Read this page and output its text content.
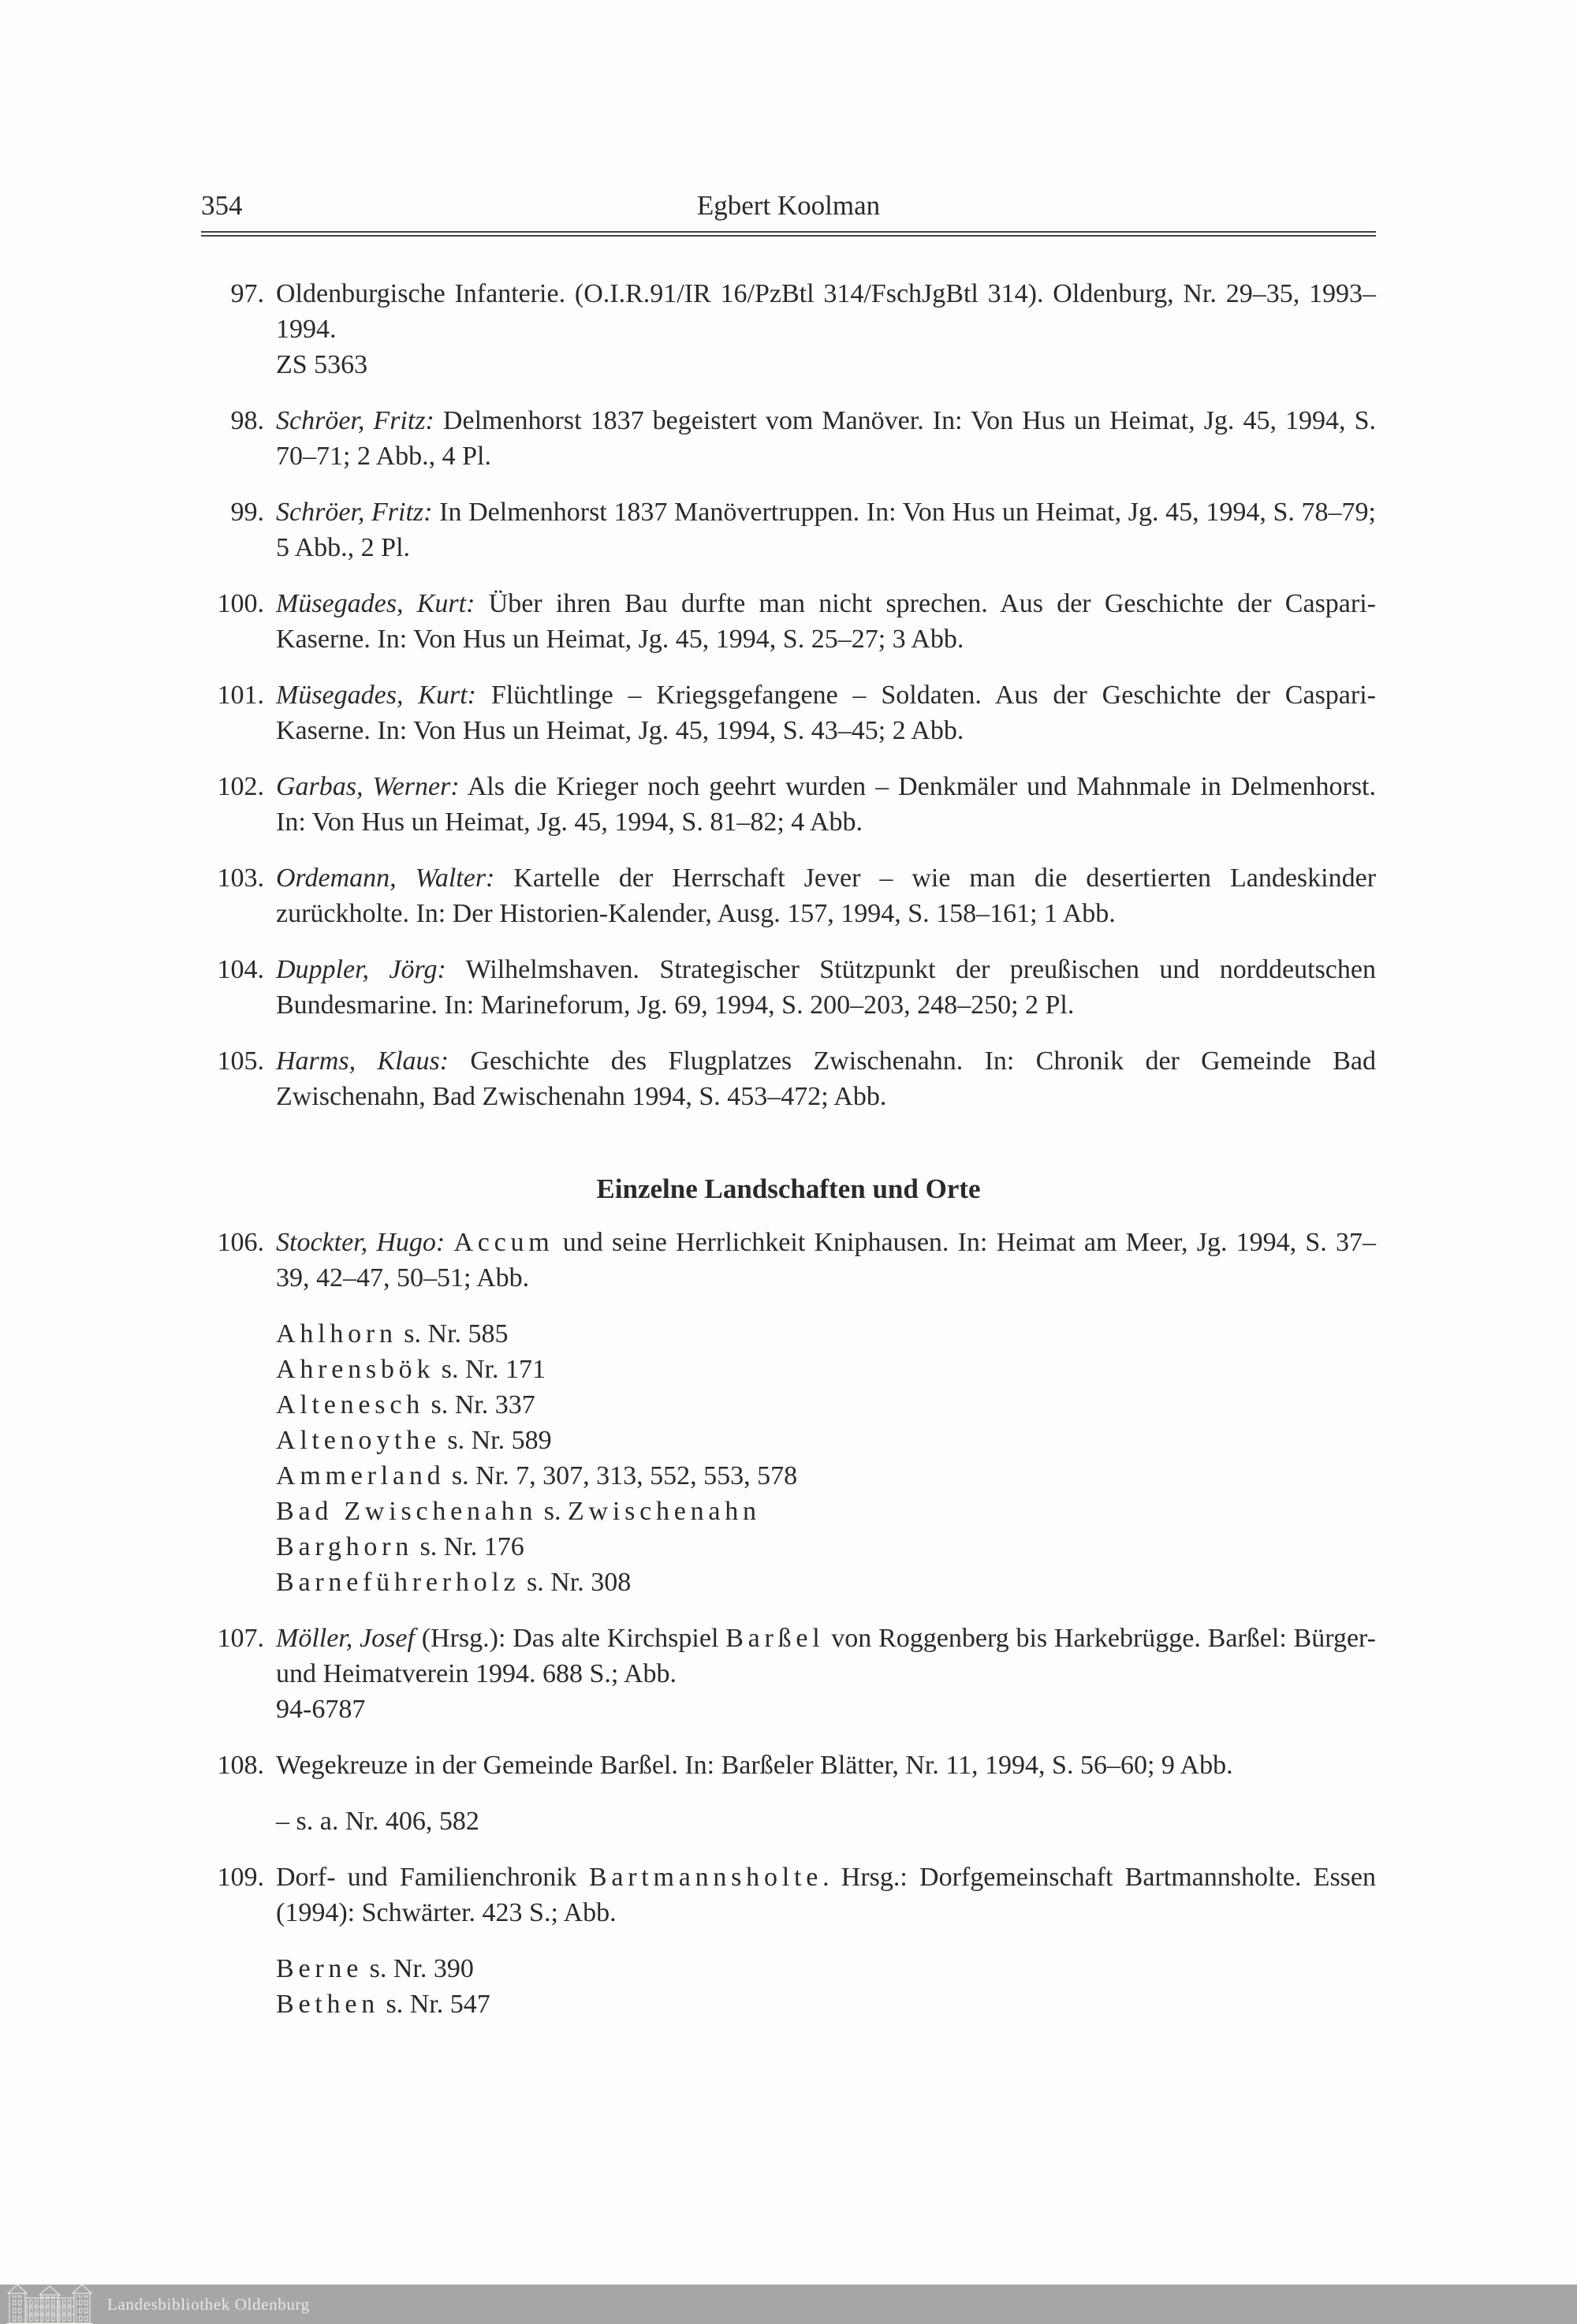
354	Egbert Koolman
97. Oldenburgische Infanterie. (O.I.R.91/IR 16/PzBtl 314/FschJgBtl 314). Oldenburg, Nr. 29–35, 1993–1994.
ZS 5363
98. Schröer, Fritz: Delmenhorst 1837 begeistert vom Manöver. In: Von Hus un Heimat, Jg. 45, 1994, S. 70–71; 2 Abb., 4 Pl.
99. Schröer, Fritz: In Delmenhorst 1837 Manövertruppen. In: Von Hus un Heimat, Jg. 45, 1994, S. 78–79; 5 Abb., 2 Pl.
100. Müsegades, Kurt: Über ihren Bau durfte man nicht sprechen. Aus der Geschichte der Caspari-Kaserne. In: Von Hus un Heimat, Jg. 45, 1994, S. 25–27; 3 Abb.
101. Müsegades, Kurt: Flüchtlinge – Kriegsgefangene – Soldaten. Aus der Geschichte der Caspari-Kaserne. In: Von Hus un Heimat, Jg. 45, 1994, S. 43–45; 2 Abb.
102. Garbas, Werner: Als die Krieger noch geehrt wurden – Denkmäler und Mahnmale in Delmenhorst. In: Von Hus un Heimat, Jg. 45, 1994, S. 81–82; 4 Abb.
103. Ordemann, Walter: Kartelle der Herrschaft Jever – wie man die desertierten Landeskinder zurückholte. In: Der Historien-Kalender, Ausg. 157, 1994, S. 158–161; 1 Abb.
104. Duppler, Jörg: Wilhelmshaven. Strategischer Stützpunkt der preußischen und norddeutschen Bundesmarine. In: Marineforum, Jg. 69, 1994, S. 200–203, 248–250; 2 Pl.
105. Harms, Klaus: Geschichte des Flugplatzes Zwischenahn. In: Chronik der Gemeinde Bad Zwischenahn, Bad Zwischenahn 1994, S. 453–472; Abb.
Einzelne Landschaften und Orte
106. Stockter, Hugo: Accum und seine Herrlichkeit Kniphausen. In: Heimat am Meer, Jg. 1994, S. 37–39, 42–47, 50–51; Abb.
Ahlhorn s. Nr. 585
Ahrensbök s. Nr. 171
Altenesch s. Nr. 337
Altenoythe s. Nr. 589
Ammerland s. Nr. 7, 307, 313, 552, 553, 578
Bad Zwischenahn s. Zwischenahn
Barghorn s. Nr. 176
Barneführerholz s. Nr. 308
107. Möller, Josef (Hrsg.): Das alte Kirchspiel Barßel von Roggenberg bis Harkebrügge. Barßel: Bürger- und Heimatverein 1994. 688 S.; Abb.
94-6787
108. Wegekreuze in der Gemeinde Barßel. In: Barßeler Blätter, Nr. 11, 1994, S. 56–60; 9 Abb.
– s. a. Nr. 406, 582
109. Dorf- und Familienchronik Bartmannsholte. Hrsg.: Dorfgemeinschaft Bartmannsholte. Essen (1994): Schwärter. 423 S.; Abb.
Berne s. Nr. 390
Bethen s. Nr. 547
Landesbibliothek Oldenburg
